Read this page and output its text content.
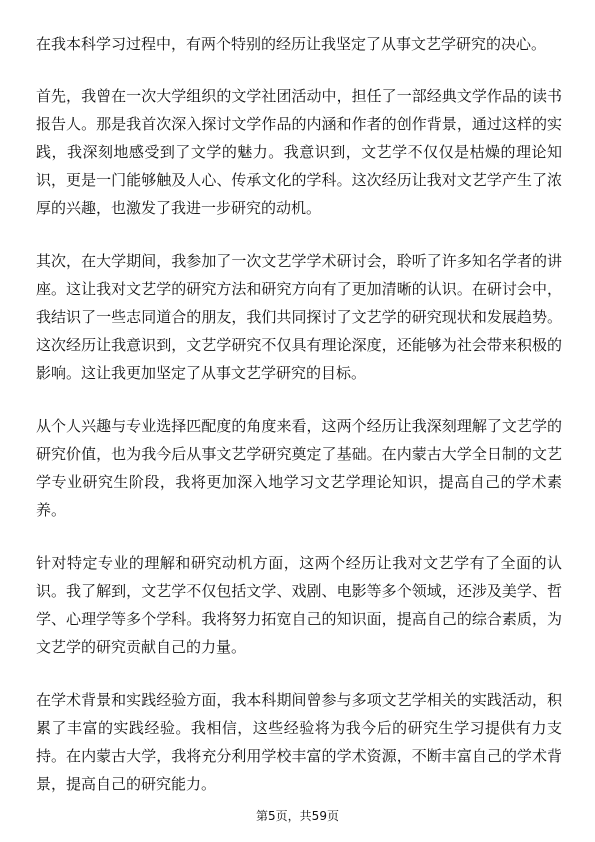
在我本科学习过程中，有两个特别的经历让我坚定了从事文艺学研究的决心。

首先，我曾在一次大学组织的文学社团活动中，担任了一部经典文学作品的读书报告人。那是我首次深入探讨文学作品的内涵和作者的创作背景，通过这样的实践，我深刻地感受到了文学的魅力。我意识到，文艺学不仅仅是枯燥的理论知识，更是一门能够触及人心、传承文化的学科。这次经历让我对文艺学产生了浓厚的兴趣，也激发了我进一步研究的动机。

其次，在大学期间，我参加了一次文艺学学术研讨会，聆听了许多知名学者的讲座。这让我对文艺学的研究方法和研究方向有了更加清晰的认识。在研讨会中，我结识了一些志同道合的朋友，我们共同探讨了文艺学的研究现状和发展趋势。这次经历让我意识到，文艺学研究不仅具有理论深度，还能够为社会带来积极的影响。这让我更加坚定了从事文艺学研究的目标。

从个人兴趣与专业选择匹配度的角度来看，这两个经历让我深刻理解了文艺学的研究价值，也为我今后从事文艺学研究奠定了基础。在内蒙古大学全日制的文艺学专业研究生阶段，我将更加深入地学习文艺学理论知识，提高自己的学术素养。

针对特定专业的理解和研究动机方面，这两个经历让我对文艺学有了全面的认识。我了解到，文艺学不仅包括文学、戏剧、电影等多个领域，还涉及美学、哲学、心理学等多个学科。我将努力拓宽自己的知识面，提高自己的综合素质，为文艺学的研究贡献自己的力量。

在学术背景和实践经验方面，我本科期间曾参与多项文艺学相关的实践活动，积累了丰富的实践经验。我相信，这些经验将为我今后的研究生学习提供有力支持。在内蒙古大学，我将充分利用学校丰富的学术资源，不断丰富自己的学术背景，提高自己的研究能力。

第5页，共59页
